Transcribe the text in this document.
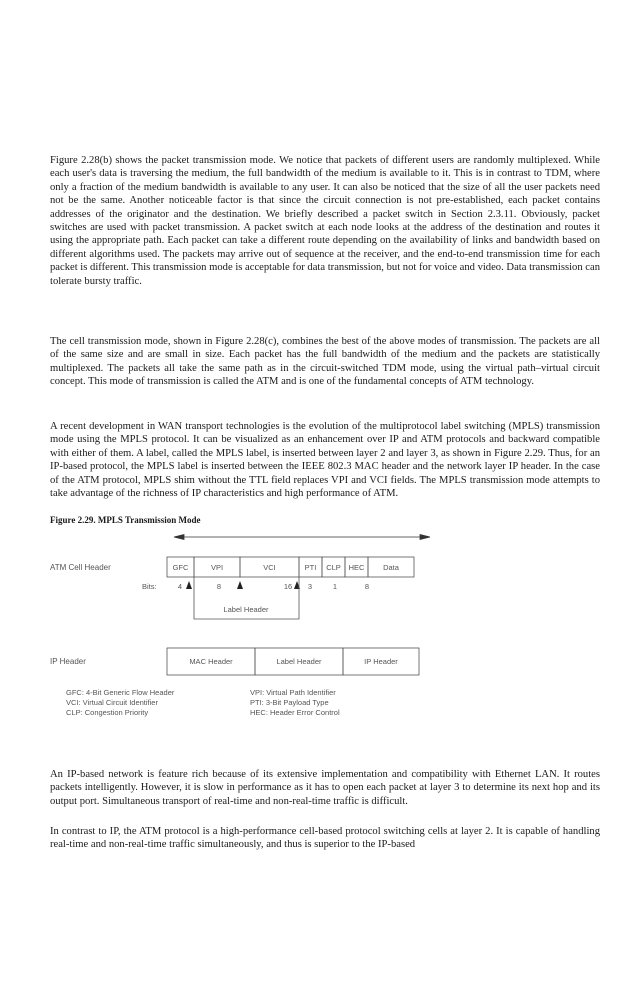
Figure 2.28(b) shows the packet transmission mode. We notice that packets of different users are randomly multiplexed. While each user's data is traversing the medium, the full bandwidth of the medium is available to it. This is in contrast to TDM, where only a fraction of the medium bandwidth is available to any user. It can also be noticed that the size of all the user packets need not be the same. Another noticeable factor is that since the circuit connection is not pre-established, each packet contains addresses of the originator and the destination. We briefly described a packet switch in Section 2.3.11. Obviously, packet switches are used with packet transmission. A packet switch at each node looks at the address of the destination and routes it using the appropriate path. Each packet can take a different route depending on the availability of links and bandwidth based on different algorithms used. The packets may arrive out of sequence at the receiver, and the end-to-end transmission time for each packet is different. This transmission mode is acceptable for data transmission, but not for voice and video. Data transmission can tolerate bursty traffic.

The cell transmission mode, shown in Figure 2.28(c), combines the best of the above modes of transmission. The packets are all of the same size and are small in size. Each packet has the full bandwidth of the medium and the packets are statistically multiplexed. The packets all take the same path as in the circuit-switched TDM mode, using the virtual path–virtual circuit concept. This mode of transmission is called the ATM and is one of the fundamental concepts of ATM technology.

A recent development in WAN transport technologies is the evolution of the multiprotocol label switching (MPLS) transmission mode using the MPLS protocol. It can be visualized as an enhancement over IP and ATM protocols and backward compatible with either of them. A label, called the MPLS label, is inserted between layer 2 and layer 3, as shown in Figure 2.29. Thus, for an IP-based protocol, the MPLS label is inserted between the IEEE 802.3 MAC header and the network layer IP header. In the case of the ATM protocol, MPLS shim without the TTL field replaces VPI and VCI fields. The MPLS transmission mode attempts to take advantage of the richness of IP characteristics and high performance of ATM.

Figure 2.29. MPLS Transmission Mode
ATM Cell Header	GFC	VPI	VCI	PTI CLP HEC Data
Bits:	4	8	16 3	1	8
Label Header
IP Header	MAC Header	Label Header	IP Header
GFC: 4-Bit Generic Flow Header
VCI: Virtual Circuit Identifier
CLP: Congestion Priority
VPI: Virtual Path Identifier
PTI: 3-Bit Payload Type
HEC: Header Error Control

An IP-based network is feature rich because of its extensive implementation and compatibility with Ethernet LAN. It routes packets intelligently. However, it is slow in performance as it has to open each packet at layer 3 to determine its next hop and its output port. Simultaneous transport of real-time and non-real-time traffic is difficult.

In contrast to IP, the ATM protocol is a high-performance cell-based protocol switching cells at layer 2. It is capable of handling real-time and non-real-time traffic simultaneously, and thus is superior to the IP-based
